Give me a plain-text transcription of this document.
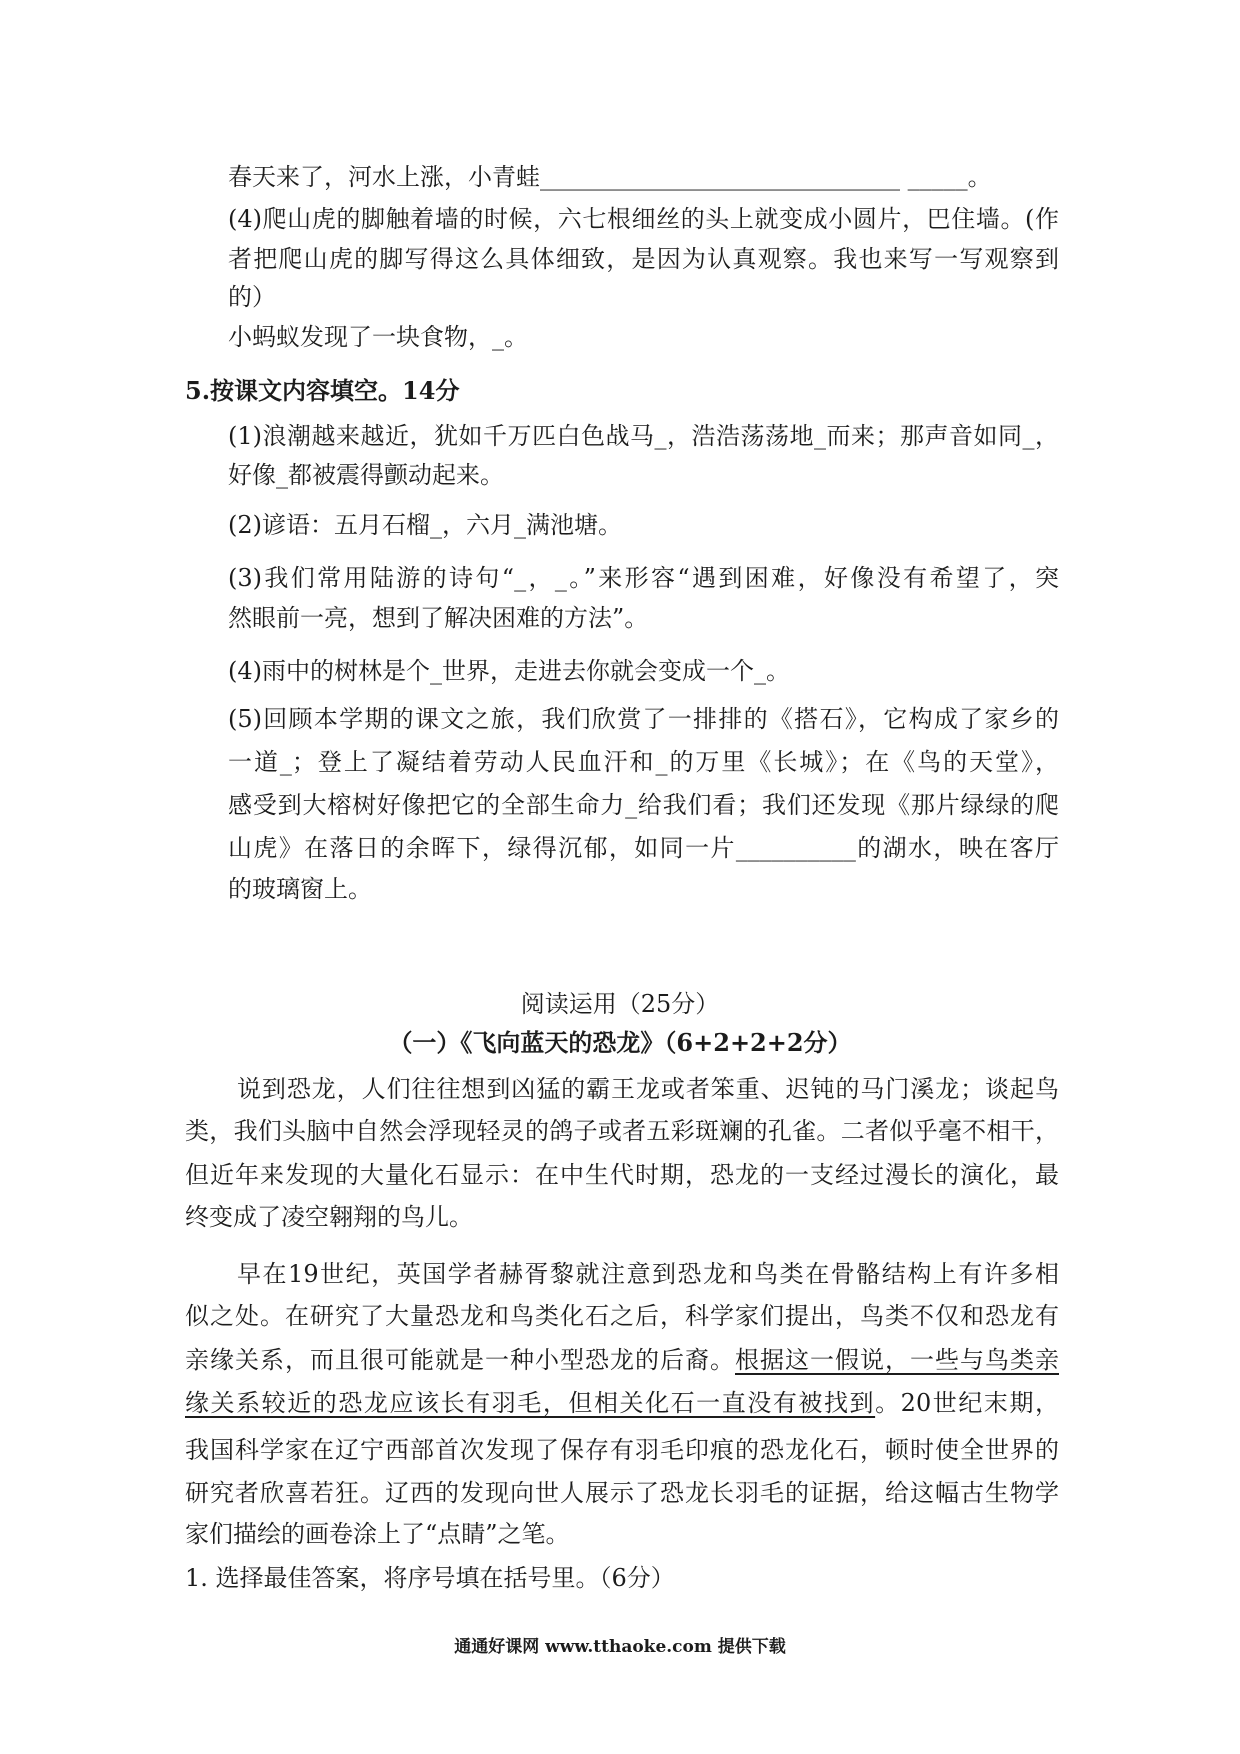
春天来了，河水上涨，小青蛙______________________________ _____。
(4)爬山虎的脚触着墙的时候，六七根细丝的头上就变成小圆片，巴住墙。(作
者把爬山虎的脚写得这么具体细致，是因为认真观察。我也来写一写观察到
的）
小蚂蚁发现了一块食物，_。
5.按课文内容填空。14分
(1)浪潮越来越近，犹如千万匹白色战马_，浩浩荡荡地_而来；那声音如同_，
好像_都被震得颤动起来。
(2)谚语：五月石榴_，六月_满池塘。
(3)我们常用陆游的诗句“_，_。”来形容“遇到困难，好像没有希望了，突
然眼前一亮，想到了解决困难的方法”。
(4)雨中的树林是个_世界，走进去你就会变成一个_。
(5)回顾本学期的课文之旅，我们欣赏了一排排的《搭石》，它构成了家乡的
一道_；登上了凝结着劳动人民血汗和_的万里《长城》；在《鸟的天堂》，
感受到大榕树好像把它的全部生命力_给我们看；我们还发现《那片绿绿的爬
山虎》在落日的余晖下，绿得沉郁，如同一片__________的湖水，映在客厅
的玻璃窗上。
阅读运用（25分）
（一）《飞向蓝天的恐龙》（6+2+2+2分）
说到恐龙，人们往往想到凶猛的霸王龙或者笨重、迟钝的马门溪龙；谈起鸟
类，我们头脑中自然会浮现轻灵的鸽子或者五彩斑斓的孔雀。二者似乎毫不相干，
但近年来发现的大量化石显示：在中生代时期，恐龙的一支经过漫长的演化，最
终变成了凌空翱翔的鸟儿。
早在19世纪，英国学者赫胥黎就注意到恐龙和鸟类在骨骼结构上有许多相
似之处。在研究了大量恐龙和鸟类化石之后，科学家们提出，鸟类不仅和恐龙有
亲缘关系，而且很可能就是一种小型恐龙的后裔。根据这一假说，一些与鸟类亲
缘关系较近的恐龙应该长有羽毛，但相关化石一直没有被找到。20世纪末期，
我国科学家在辽宁西部首次发现了保存有羽毛印痕的恐龙化石，顿时使全世界的
研究者欣喜若狂。辽西的发现向世人展示了恐龙长羽毛的证据，给这幅古生物学
家们描绘的画卷涂上了“点睛”之笔。
1. 选择最佳答案，将序号填在括号里。（6分）
通通好课网 www.tthaoke.com 提供下载
